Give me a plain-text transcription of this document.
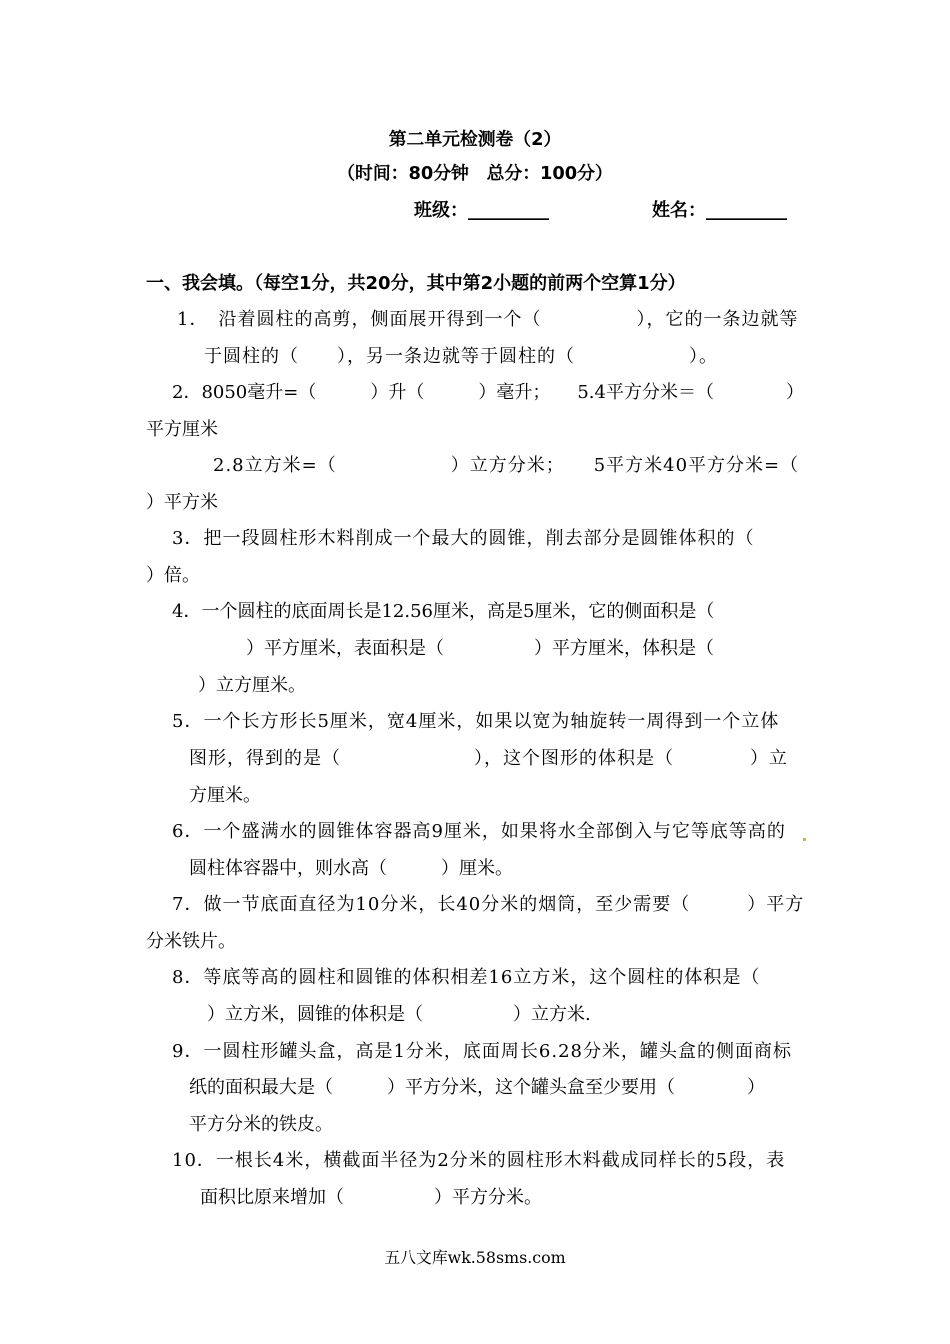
第二单元检测卷（2）
（时间：80分钟　总分：100分）
班级：_________	姓名：_________
一、我会填。（每空1分，共20分，其中第2小题的前两个空算1分）
1．　沿着圆柱的高剪，侧面展开得到一个（　　　　　），它的一条边就等
于圆柱的（　　），另一条边就等于圆柱的（　　　　　　）。
2．8050毫升=（　　　）升（　　　）毫升；　　5.4平方分米＝（　　　　）
平方厘米
2.8立方米=（　　　　　　）立方分米；　　5平方米40平方分米=（
）平方米
3．把一段圆柱形木料削成一个最大的圆锥，削去部分是圆锥体积的（
）倍。
4．一个圆柱的底面周长是12.56厘米，高是5厘米，它的侧面积是（
）平方厘米，表面积是（　　　　　）平方厘米，体积是（
）立方厘米。
5．一个长方形长5厘米，宽4厘米，如果以宽为轴旋转一周得到一个立体
图形，得到的是（　　　　　　　），这个图形的体积是（　　　　）立
方厘米。
6．一个盛满水的圆锥体容器高9厘米，如果将水全部倒入与它等底等高的
圆柱体容器中，则水高（　　　）厘米。
7．做一节底面直径为10分米，长40分米的烟筒，至少需要（　　　）平方
分米铁片。
8．等底等高的圆柱和圆锥的体积相差16立方米，这个圆柱的体积是（
）立方米，圆锥的体积是（　　　　　）立方米.
9．一圆柱形罐头盒，高是1分米，底面周长6.28分米，罐头盒的侧面商标
纸的面积最大是（　　　）平方分米，这个罐头盒至少要用（　　　　）
平方分米的铁皮。
10．一根长4米，横截面半径为2分米的圆柱形木料截成同样长的5段，表
面积比原来增加（　　　　　）平方分米。
五八文库wk.58sms.com
